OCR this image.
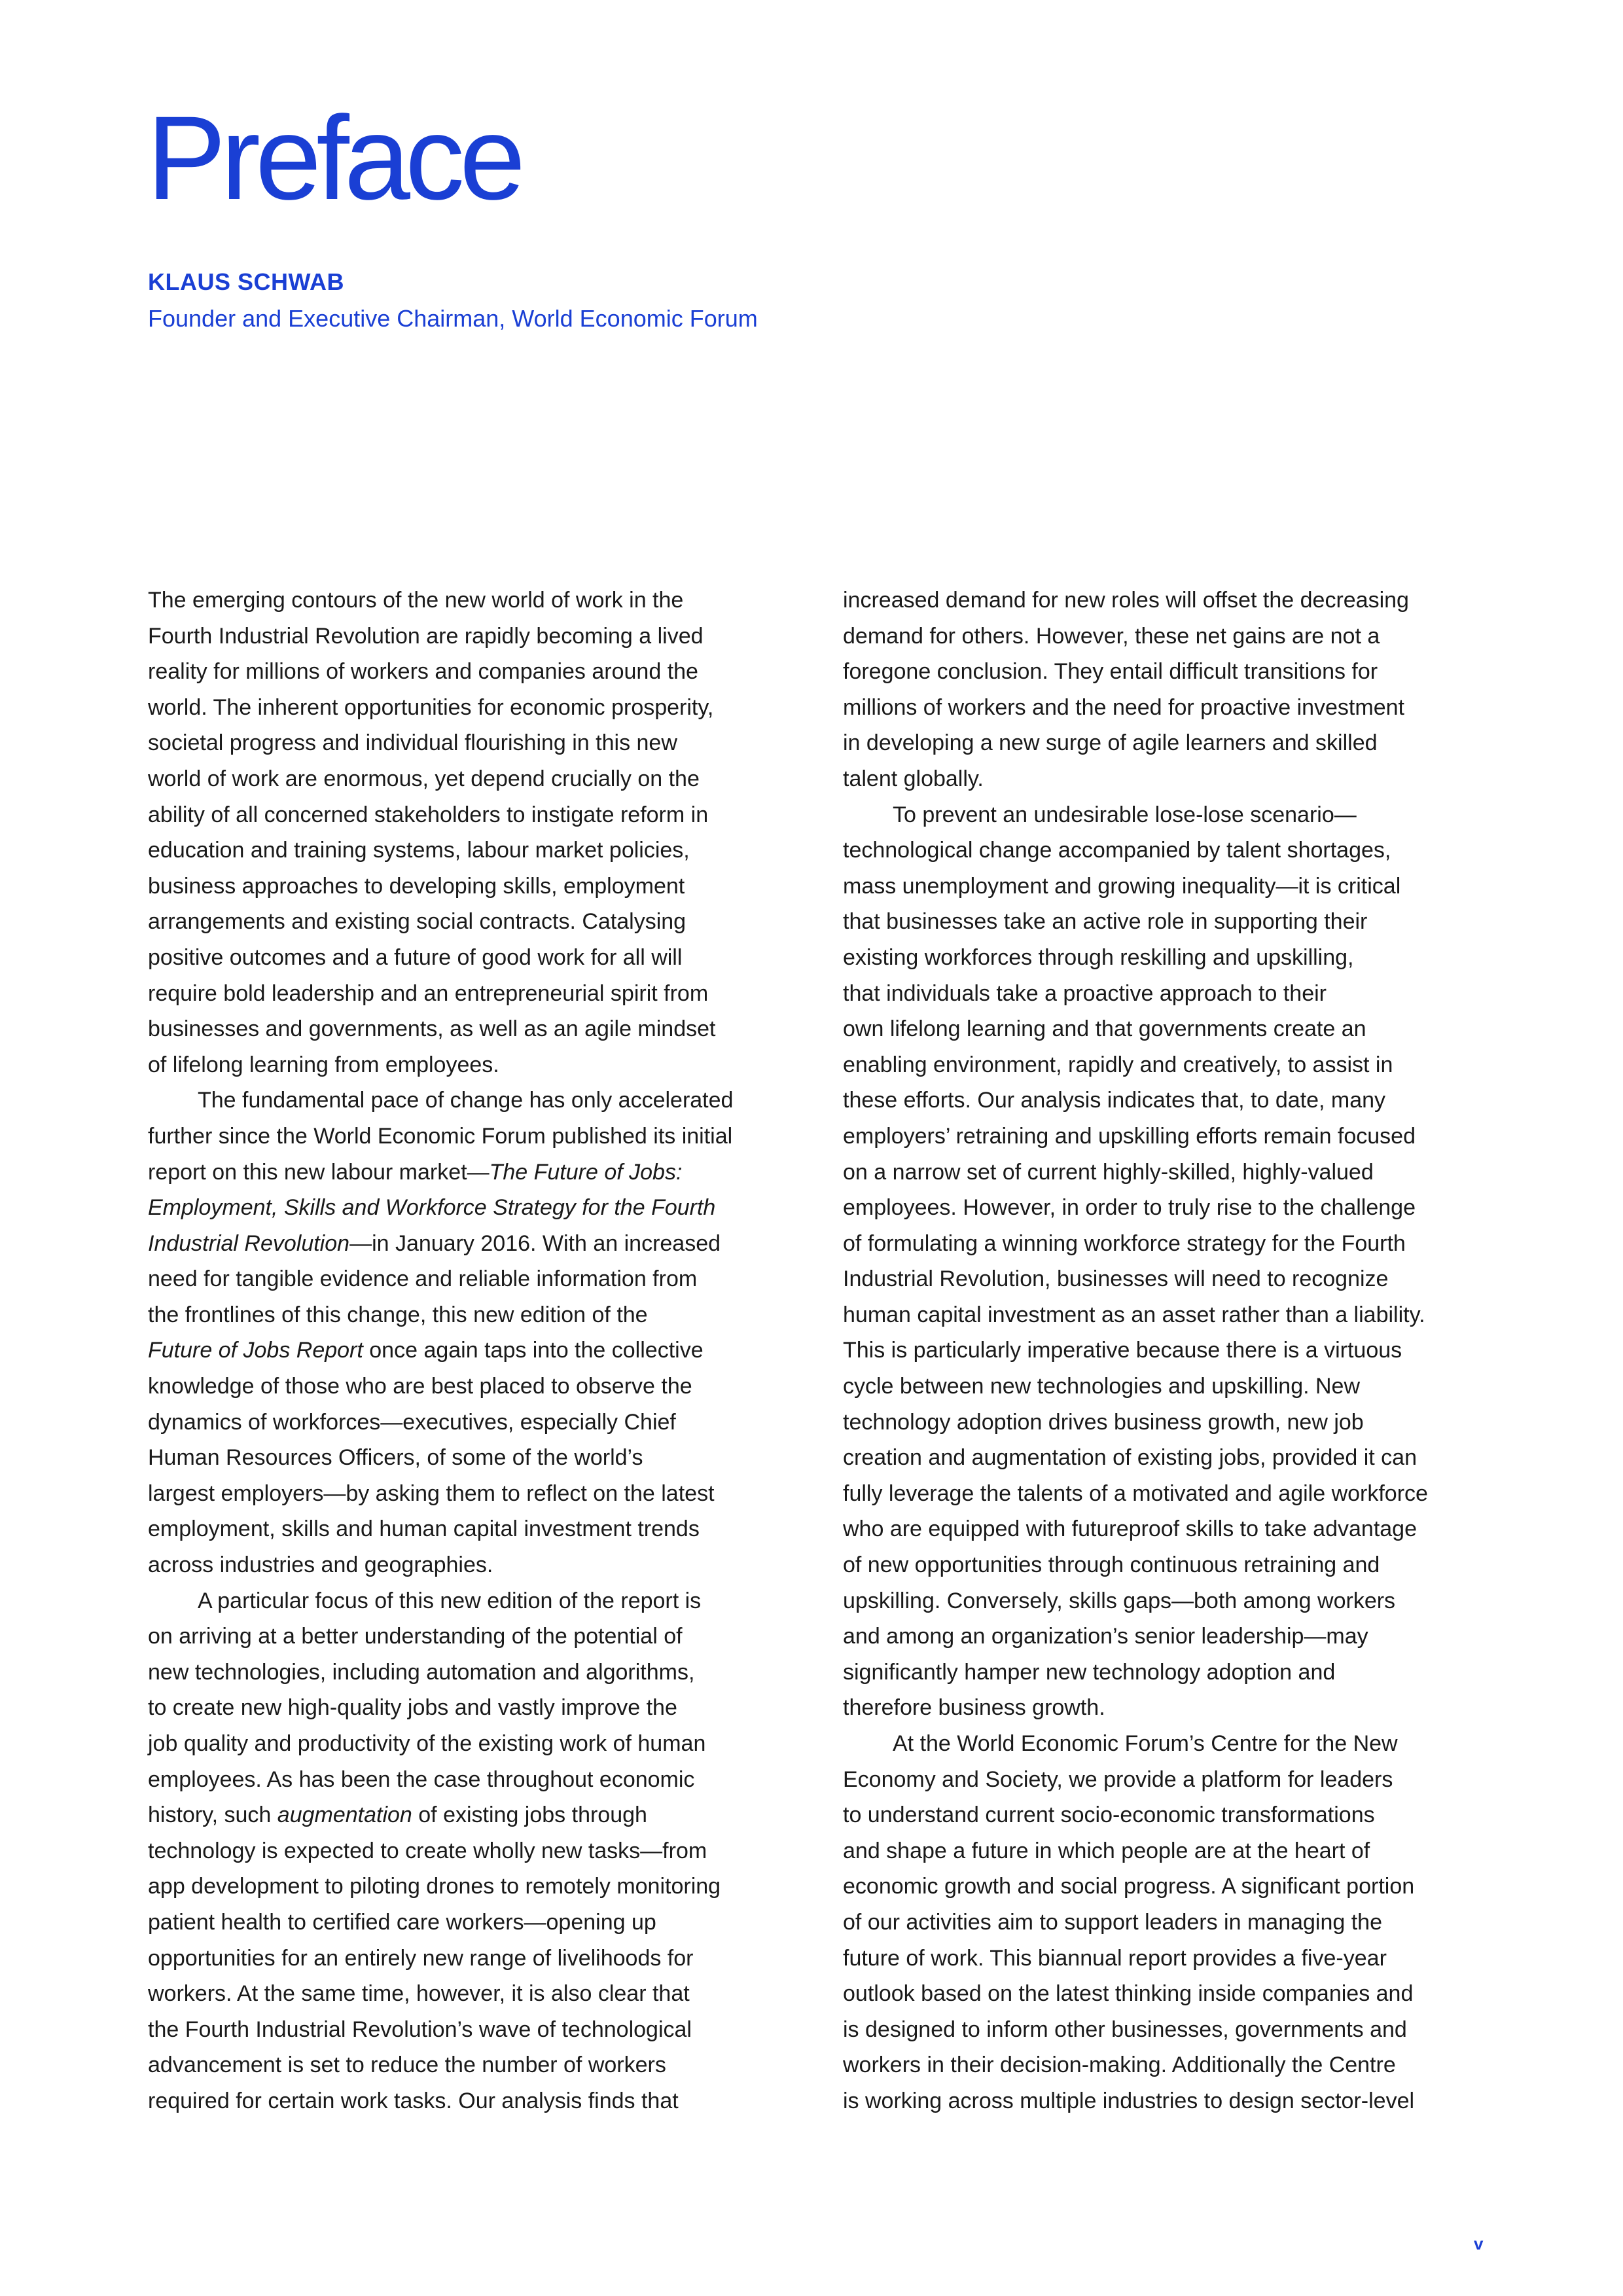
Preface
KLAUS SCHWAB
Founder and Executive Chairman, World Economic Forum
The emerging contours of the new world of work in the
Fourth Industrial Revolution are rapidly becoming a lived
reality for millions of workers and companies around the
world. The inherent opportunities for economic prosperity,
societal progress and individual flourishing in this new
world of work are enormous, yet depend crucially on the
ability of all concerned stakeholders to instigate reform in
education and training systems, labour market policies,
business approaches to developing skills, employment
arrangements and existing social contracts. Catalysing
positive outcomes and a future of good work for all will
require bold leadership and an entrepreneurial spirit from
businesses and governments, as well as an agile mindset
of lifelong learning from employees.
The fundamental pace of change has only accelerated
further since the World Economic Forum published its initial
report on this new labour market—The Future of Jobs:
Employment, Skills and Workforce Strategy for the Fourth
Industrial Revolution—in January 2016. With an increased
need for tangible evidence and reliable information from
the frontlines of this change, this new edition of the
Future of Jobs Report once again taps into the collective
knowledge of those who are best placed to observe the
dynamics of workforces—executives, especially Chief
Human Resources Officers, of some of the world’s
largest employers—by asking them to reflect on the latest
employment, skills and human capital investment trends
across industries and geographies.
A particular focus of this new edition of the report is
on arriving at a better understanding of the potential of
new technologies, including automation and algorithms,
to create new high-quality jobs and vastly improve the
job quality and productivity of the existing work of human
employees. As has been the case throughout economic
history, such augmentation of existing jobs through
technology is expected to create wholly new tasks—from
app development to piloting drones to remotely monitoring
patient health to certified care workers—opening up
opportunities for an entirely new range of livelihoods for
workers. At the same time, however, it is also clear that
the Fourth Industrial Revolution’s wave of technological
advancement is set to reduce the number of workers
required for certain work tasks. Our analysis finds that
increased demand for new roles will offset the decreasing
demand for others. However, these net gains are not a
foregone conclusion. They entail difficult transitions for
millions of workers and the need for proactive investment
in developing a new surge of agile learners and skilled
talent globally.
To prevent an undesirable lose-lose scenario—
technological change accompanied by talent shortages,
mass unemployment and growing inequality—it is critical
that businesses take an active role in supporting their
existing workforces through reskilling and upskilling,
that individuals take a proactive approach to their
own lifelong learning and that governments create an
enabling environment, rapidly and creatively, to assist in
these efforts. Our analysis indicates that, to date, many
employers’ retraining and upskilling efforts remain focused
on a narrow set of current highly-skilled, highly-valued
employees. However, in order to truly rise to the challenge
of formulating a winning workforce strategy for the Fourth
Industrial Revolution, businesses will need to recognize
human capital investment as an asset rather than a liability.
This is particularly imperative because there is a virtuous
cycle between new technologies and upskilling. New
technology adoption drives business growth, new job
creation and augmentation of existing jobs, provided it can
fully leverage the talents of a motivated and agile workforce
who are equipped with futureproof skills to take advantage
of new opportunities through continuous retraining and
upskilling. Conversely, skills gaps—both among workers
and among an organization’s senior leadership—may
significantly hamper new technology adoption and
therefore business growth.
At the World Economic Forum’s Centre for the New
Economy and Society, we provide a platform for leaders
to understand current socio-economic transformations
and shape a future in which people are at the heart of
economic growth and social progress. A significant portion
of our activities aim to support leaders in managing the
future of work. This biannual report provides a five-year
outlook based on the latest thinking inside companies and
is designed to inform other businesses, governments and
workers in their decision-making. Additionally the Centre
is working across multiple industries to design sector-level
v
